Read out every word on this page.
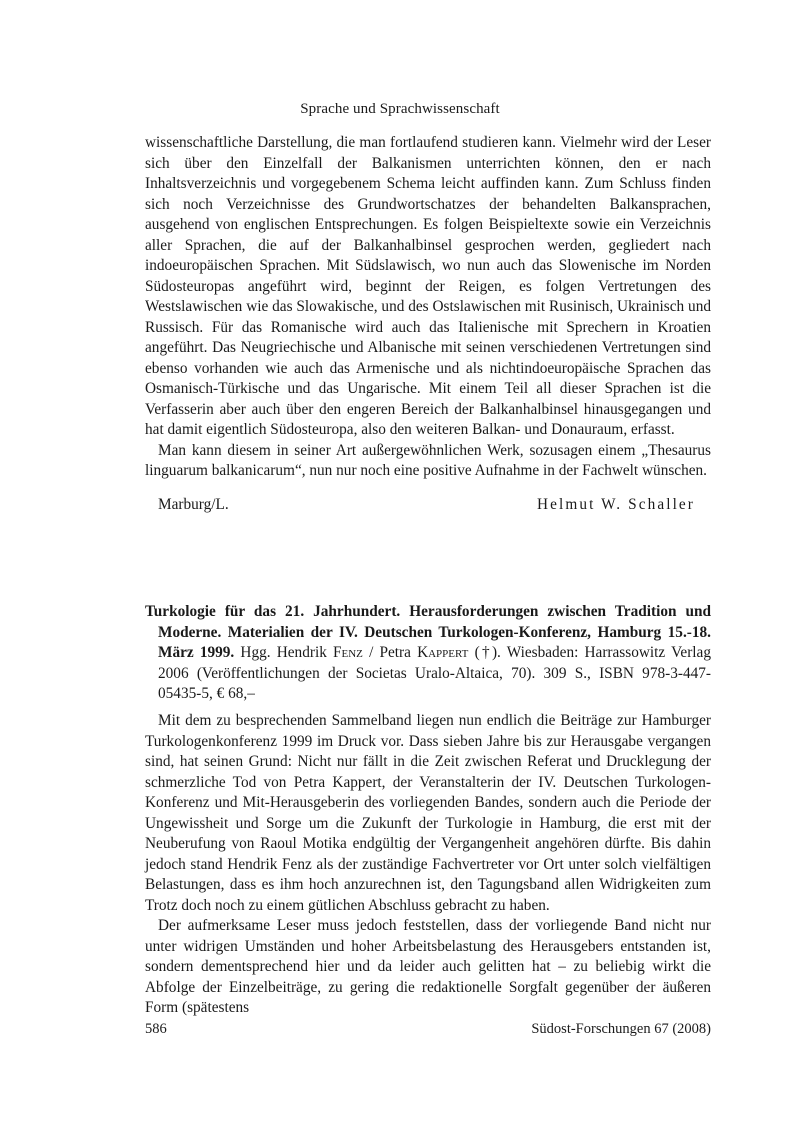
Sprache und Sprachwissenschaft

wissenschaftliche Darstellung, die man fortlaufend studieren kann. Vielmehr wird der Leser sich über den Einzelfall der Balkanismen unterrichten können, den er nach Inhaltsverzeichnis und vorgegebenem Schema leicht auffinden kann. Zum Schluss finden sich noch Verzeichnisse des Grundwortschatzes der behandelten Balkansprachen, ausgehend von englischen Entsprechungen. Es folgen Beispieltexte sowie ein Verzeichnis aller Sprachen, die auf der Balkanhalbinsel gesprochen werden, gegliedert nach indoeuropäischen Sprachen. Mit Südslawisch, wo nun auch das Slowenische im Norden Südosteuropas angeführt wird, beginnt der Reigen, es folgen Vertretungen des Westslawischen wie das Slowakische, und des Ostslawischen mit Rusinisch, Ukrainisch und Russisch. Für das Romanische wird auch das Italienische mit Sprechern in Kroatien angeführt. Das Neugriechische und Albanische mit seinen verschiedenen Vertretungen sind ebenso vorhanden wie auch das Armenische und als nichtindoeuropäische Sprachen das Osmanisch-Türkische und das Ungarische. Mit einem Teil all dieser Sprachen ist die Verfasserin aber auch über den engeren Bereich der Balkanhalbinsel hinausgegangen und hat damit eigentlich Südosteuropa, also den weiteren Balkan- und Donauraum, erfasst.

Man kann diesem in seiner Art außergewöhnlichen Werk, sozusagen einem „Thesaurus linguarum balkanicarum“, nun nur noch eine positive Aufnahme in der Fachwelt wünschen.

Marburg/L.	Helmut W. Schaller
Turkologie für das 21. Jahrhundert. Herausforderungen zwischen Tradition und Moderne. Materialien der IV. Deutschen Turkologen-Konferenz, Hamburg 15.-18. März 1999. Hgg. Hendrik Fenz / Petra Kappert (†). Wiesbaden: Harrassowitz Verlag 2006 (Veröffentlichungen der Societas Uralo-Altaica, 70). 309 S., ISBN 978-3-447-05435-5, € 68,–

Mit dem zu besprechenden Sammelband liegen nun endlich die Beiträge zur Hamburger Turkologenkonferenz 1999 im Druck vor. Dass sieben Jahre bis zur Herausgabe vergangen sind, hat seinen Grund: Nicht nur fällt in die Zeit zwischen Referat und Drucklegung der schmerzliche Tod von Petra Kappert, der Veranstalterin der IV. Deutschen Turkologen-Konferenz und Mit-Herausgeberin des vorliegenden Bandes, sondern auch die Periode der Ungewissheit und Sorge um die Zukunft der Turkologie in Hamburg, die erst mit der Neuberufung von Raoul Motika endgültig der Vergangenheit angehören dürfte. Bis dahin jedoch stand Hendrik Fenz als der zuständige Fachvertreter vor Ort unter solch vielfältigen Belastungen, dass es ihm hoch anzurechnen ist, den Tagungsband allen Widrigkeiten zum Trotz doch noch zu einem gütlichen Abschluss gebracht zu haben.

Der aufmerksame Leser muss jedoch feststellen, dass der vorliegende Band nicht nur unter widrigen Umständen und hoher Arbeitsbelastung des Herausgebers entstanden ist, sondern dementsprechend hier und da leider auch gelitten hat – zu beliebig wirkt die Abfolge der Einzelbeiträge, zu gering die redaktionelle Sorgfalt gegenüber der äußeren Form (spätestens

586	Südost-Forschungen 67 (2008)
